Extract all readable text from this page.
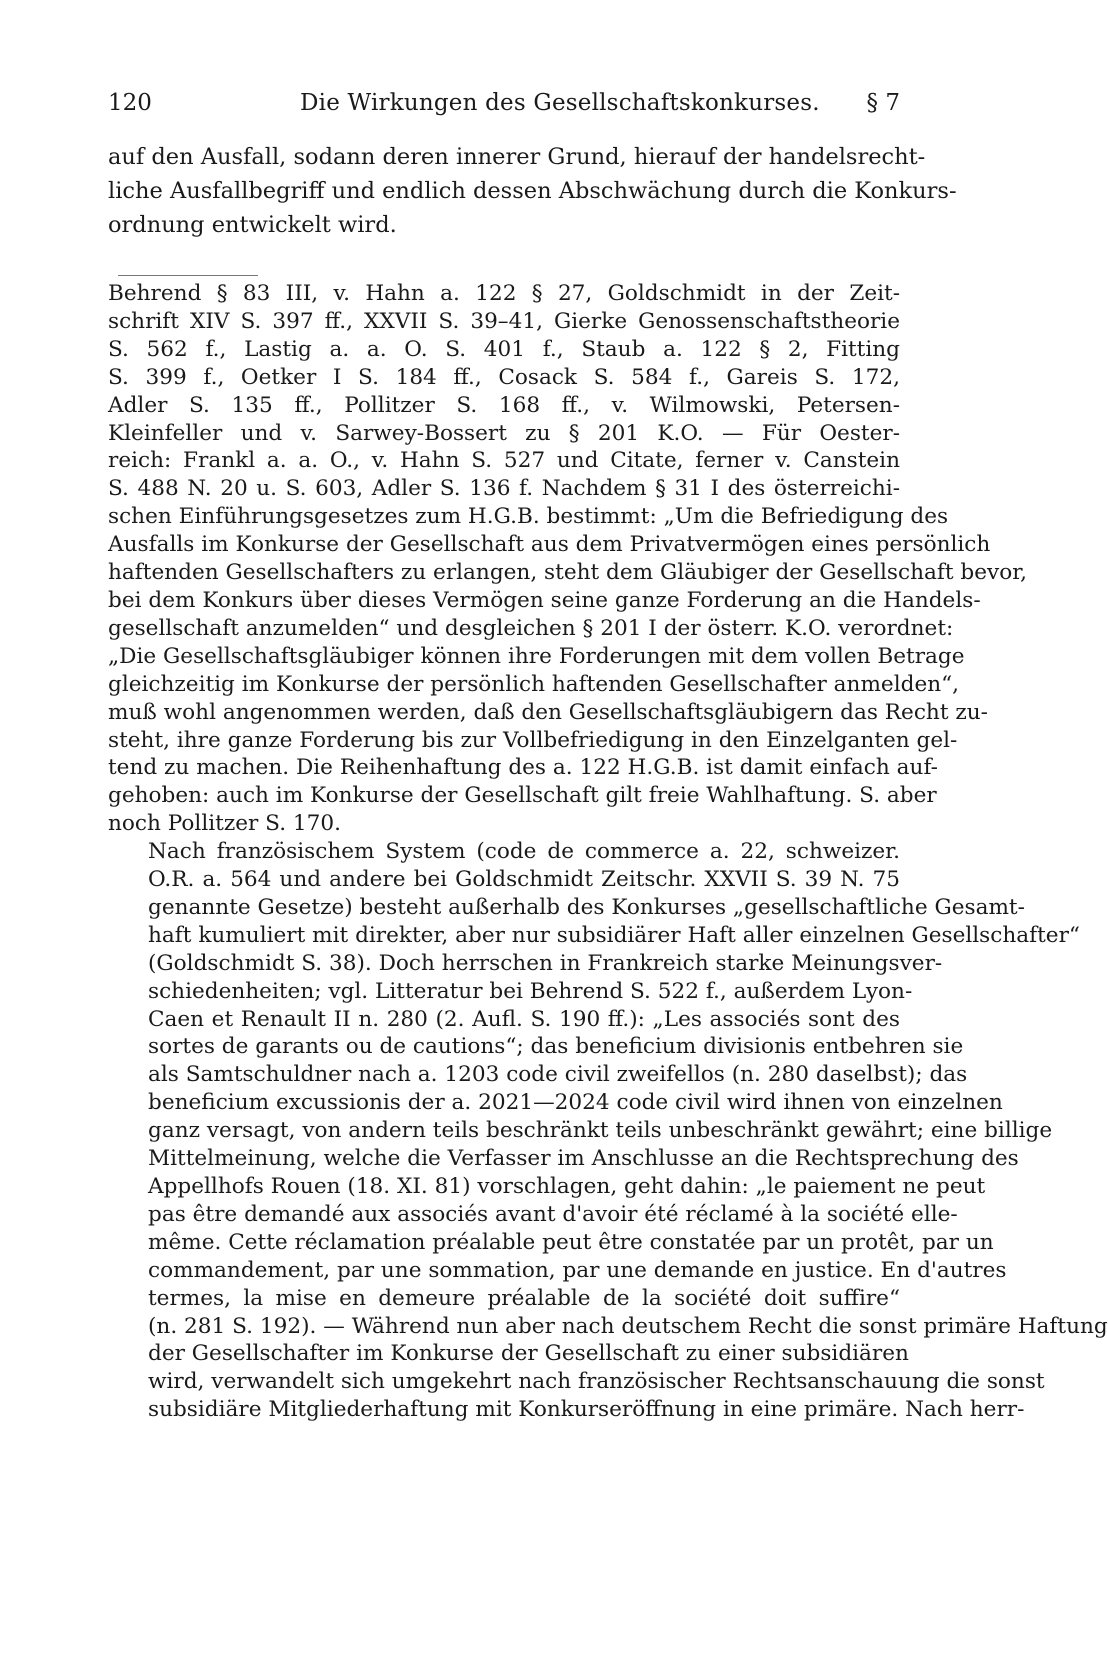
120	Die Wirkungen des Gesellschaftskonkurses. § 7
auf den Ausfall, sodann deren innerer Grund, hierauf der handelsrecht-
liche Ausfallbegriff und endlich dessen Abschwächung durch die Konkurs-
ordnung entwickelt wird.

Behrend § 83 III, v. Hahn a. 122 § 27, Goldschmidt in der Zeit-
schrift XIV S. 397 ff., XXVII S. 39–41, Gierke Genossenschaftstheorie
S. 562 f., Lastig a. a. O. S. 401 f., Staub a. 122 § 2, Fitting
S. 399 f., Oetker I S. 184 ff., Cosack S. 584 f., Gareis S. 172,
Adler S. 135 ff., Pollitzer S. 168 ff., v. Wilmowski, Petersen-
Kleinfeller und v. Sarwey-Bossert zu § 201 K.O. — Für Oester-
reich: Frankl a. a. O., v. Hahn S. 527 und Citate, ferner v. Canstein
S. 488 N. 20 u. S. 603, Adler S. 136 f. Nachdem § 31 I des österreichi-
schen Einführungsgesetzes zum H.G.B. bestimmt: „Um die Befriedigung des
Ausfalls im Konkurse der Gesellschaft aus dem Privatvermögen eines persönlich
haftenden Gesellschafters zu erlangen, steht dem Gläubiger der Gesellschaft bevor,
bei dem Konkurs über dieses Vermögen seine ganze Forderung an die Handels-
gesellschaft anzumelden“ und desgleichen § 201 I der österr. K.O. verordnet:
„Die Gesellschaftsgläubiger können ihre Forderungen mit dem vollen Betrage
gleichzeitig im Konkurse der persönlich haftenden Gesellschafter anmelden“,
muß wohl angenommen werden, daß den Gesellschaftsgläubigern das Recht zu-
steht, ihre ganze Forderung bis zur Vollbefriedigung in den Einzelganten gel-
tend zu machen. Die Reihenhaftung des a. 122 H.G.B. ist damit einfach auf-
gehoben: auch im Konkurse der Gesellschaft gilt freie Wahlhaftung. S. aber
noch Pollitzer S. 170.

Nach französischem System (code de commerce a. 22, schweizer.
O.R. a. 564 und andere bei Goldschmidt Zeitschr. XXVII S. 39 N. 75
genannte Gesetze) besteht außerhalb des Konkurses „gesellschaftliche Gesamt-
haft kumuliert mit direkter, aber nur subsidiärer Haft aller einzelnen Gesellschafter“
(Goldschmidt S. 38). Doch herrschen in Frankreich starke Meinungsver-
schiedenheiten; vgl. Litteratur bei Behrend S. 522 f., außerdem Lyon-
Caen et Renault II n. 280 (2. Aufl. S. 190 ff.): „Les associés sont des
sortes de garants ou de cautions“; das beneficium divisionis entbehren sie
als Samtschuldner nach a. 1203 code civil zweifellos (n. 280 daselbst); das
beneficium excussionis der a. 2021—2024 code civil wird ihnen von einzelnen
ganz versagt, von andern teils beschränkt teils unbeschränkt gewährt; eine billige
Mittelmeinung, welche die Verfasser im Anschlusse an die Rechtsprechung des
Appellhofs Rouen (18. XI. 81) vorschlagen, geht dahin: „le paiement ne peut
pas être demandé aux associés avant d'avoir été réclamé à la société elle-
même. Cette réclamation préalable peut être constatée par un protêt, par un
commandement, par une sommation, par une demande en justice. En d'autres
termes, la mise en demeure préalable de la société doit suffire“
(n. 281 S. 192). — Während nun aber nach deutschem Recht die sonst primäre Haftung
der Gesellschafter im Konkurse der Gesellschaft zu einer subsidiären
wird, verwandelt sich umgekehrt nach französischer Rechtsanschauung die sonst
subsidiäre Mitgliederhaftung mit Konkurseröffnung in eine primäre. Nach herr-
